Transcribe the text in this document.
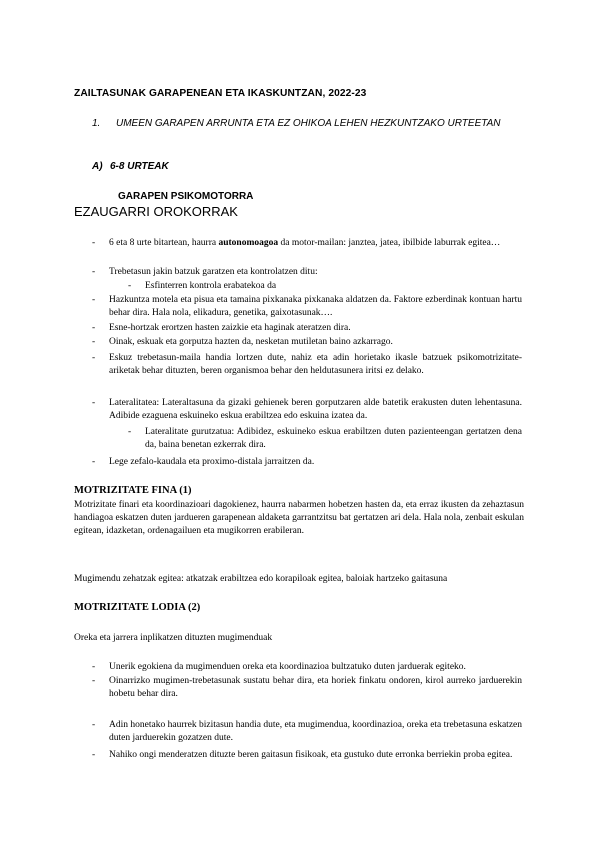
ZAILTASUNAK GARAPENEAN ETA IKASKUNTZAN, 2022-23
1. UMEEN GARAPEN ARRUNTA ETA EZ OHIKOA LEHEN HEZKUNTZAKO URTEETAN
A) 6-8 URTEAK
GARAPEN PSIKOMOTORRA
EZAUGARRI OROKORRAK
- 6 eta 8 urte bitartean, haurra autonomoagoa da motor-mailan: janztea, jatea, ibilbide laburrak egitea…
- Trebetasun jakin batzuk garatzen eta kontrolatzen ditu:
- Esfinterren kontrola erabatekoa da
- Hazkuntza motela eta pisua eta tamaina pixkanaka pixkanaka aldatzen da. Faktore ezberdinak kontuan hartu behar dira. Hala nola, elikadura, genetika, gaixotasunak….
- Esne-hortzak erortzen hasten zaizkie eta haginak ateratzen dira.
- Oinak, eskuak eta gorputza hazten da, nesketan mutiletan baino azkarrago.
- Eskuz trebetasun-maila handia lortzen dute, nahiz eta adin horietako ikasle batzuek psikomotrizitate-ariketak behar dituzten, beren organismoa behar den heldutasunera iritsi ez delako.
- Lateralitatea: Lateraltasuna da gizaki gehienek beren gorputzaren alde batetik erakusten duten lehentasuna. Adibide ezaguena eskuineko eskua erabiltzea edo eskuina izatea da.
- Lateralitate gurutzatua: Adibidez, eskuineko eskua erabiltzen duten pazienteengan gertatzen dena da, baina benetan ezkerrak dira.
- Lege zefalo-kaudala eta proximo-distala jarraitzen da.
MOTRIZITATE FINA (1)
Motrizitate finari eta koordinazioari dagokienez, haurra nabarmen hobetzen hasten da, eta erraz ikusten da zehaztasun handiagoa eskatzen duten jardueren garapenean aldaketa garrantzitsu bat gertatzen ari dela. Hala nola, zenbait eskulan egitean, idazketan, ordenagailuen eta mugikorren erabileran.
Mugimendu zehatzak egitea: atkatzak erabiltzea edo korapiloak egitea, baloiak hartzeko gaitasuna
MOTRIZITATE LODIA (2)
Oreka eta jarrera inplikatzen dituzten mugimenduak
- Unerik egokiena da mugimenduen oreka eta koordinazioa bultzatuko duten jarduerak egiteko.
- Oinarrizko mugimen-trebetasunak sustatu behar dira, eta horiek finkatu ondoren, kirol aurreko jarduerekin hobetu behar dira.
- Adin honetako haurrek bizitasun handia dute, eta mugimendua, koordinazioa, oreka eta trebetasuna eskatzen duten jarduerekin gozatzen dute.
- Nahiko ongi menderatzen dituzte beren gaitasun fisikoak, eta gustuko dute erronka berriekin proba egitea.
